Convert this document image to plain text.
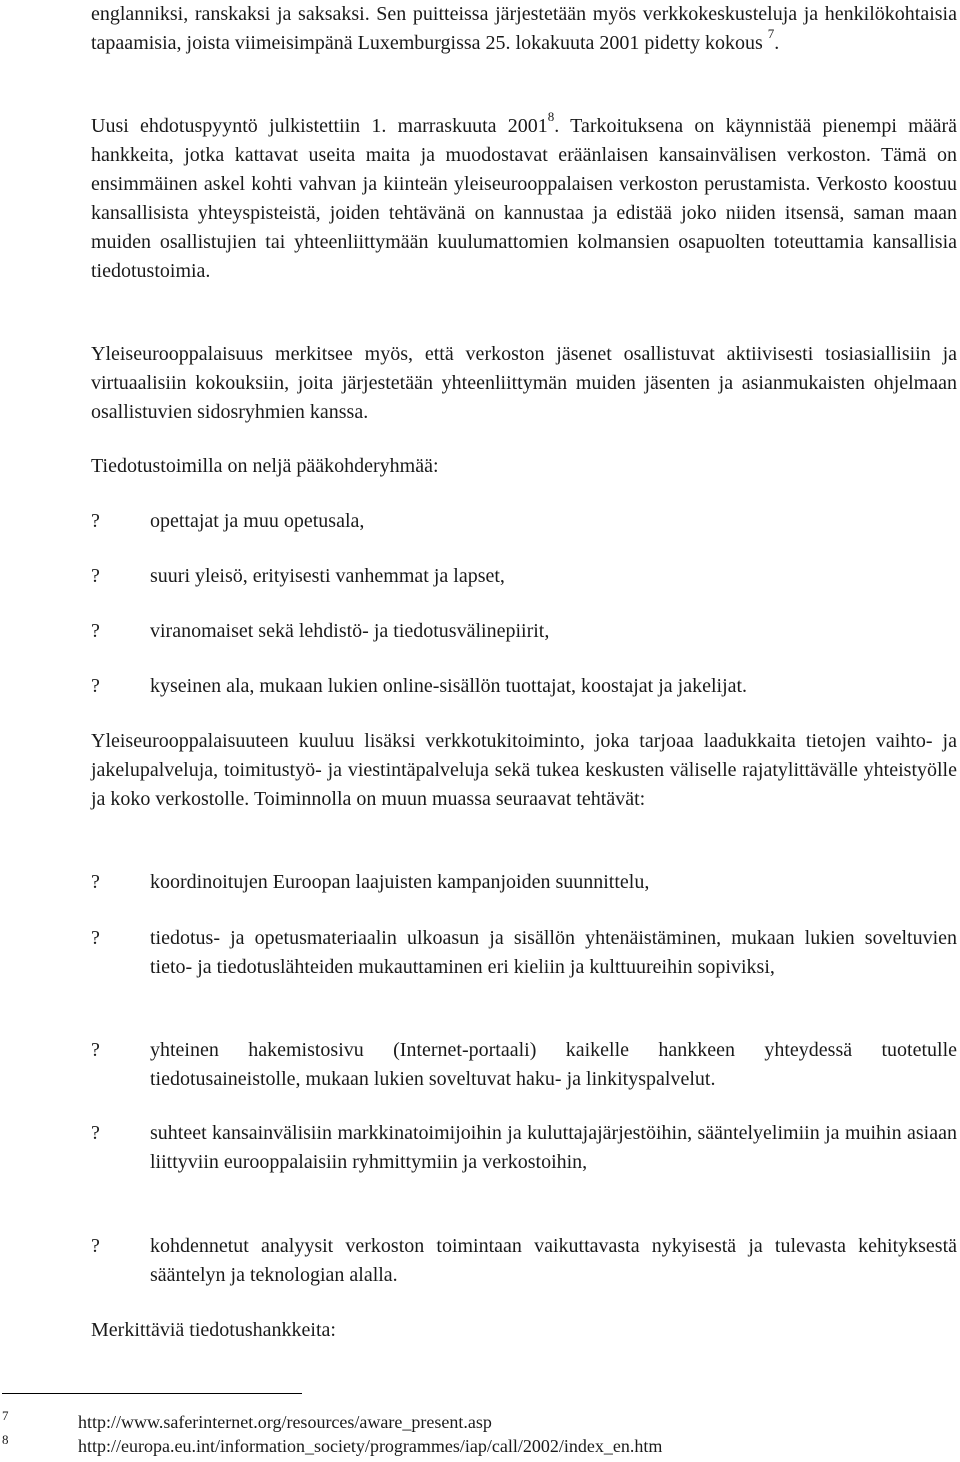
englanniksi, ranskaksi ja saksaksi. Sen puitteissa järjestetään myös verkkokeskusteluja ja henkilökohtaisia tapaamisia, joista viimeisimpänä Luxemburgissa 25. lokakuuta 2001 pidetty kokous $^7$.

Uusi ehdotuspyyntö julkistettiin 1. marraskuuta 2001$^8$. Tarkoituksena on käynnistää pienempi määrä hankkeita, jotka kattavat useita maita ja muodostavat eräänlaisen kansainvälisen verkoston. Tämä on ensimmäinen askel kohti vahvan ja kiinteän yleiseurooppalaisen verkoston perustamista. Verkosto koostuu kansallisista yhteyspisteistä, joiden tehtävänä on kannustaa ja edistää joko niiden itsensä, saman maan muiden osallistujien tai yhteenliittymään kuulumattomien kolmansien osapuolten toteuttamia kansallisia tiedotustoimia.

Yleiseurooppalaisuus merkitsee myös, että verkoston jäsenet osallistuvat aktiivisesti tosiasiallisiin ja virtuaalisiin kokouksiin, joita järjestetään yhteenliittymän muiden jäsenten ja asianmukaisten ohjelmaan osallistuvien sidosryhmien kanssa.

Tiedotustoimilla on neljä pääkohderyhmää:

?	opettajat ja muu opetusala,
?	suuri yleisö, erityisesti vanhemmat ja lapset,
?	viranomaiset sekä lehdistö- ja tiedotusvälinepiirit,
?	kyseinen ala, mukaan lukien online-sisällön tuottajat, koostajat ja jakelijat.

Yleiseurooppalaisuuteen kuuluu lisäksi verkkotukitoiminto, joka tarjoaa laadukkaita tietojen vaihto- ja jakelupalveluja, toimitustyö- ja viestintäpalveluja sekä tukea keskusten väliselle rajatylittävälle yhteistyölle ja koko verkostolle. Toiminnolla on muun muassa seuraavat tehtävät:

?	koordinoitujen Euroopan laajuisten kampanjoiden suunnittelu,
?	tiedotus- ja opetusmateriaalin ulkoasun ja sisällön yhtenäistäminen, mukaan lukien soveltuvien tieto- ja tiedotuslähteiden mukauttaminen eri kieliin ja kulttuureihin sopiviksi,
?	yhteinen hakemistosivu (Internet-portaali) kaikelle hankkeen yhteydessä tuotetulle tiedotusaineistolle, mukaan lukien soveltuvat haku- ja linkityspalvelut.
?	suhteet kansainvälisiin markkinatoimijoihin ja kuluttajajärjestöihin, sääntelyelimiin ja muihin asiaan liittyviin eurooppalaisiin ryhmittymiin ja verkostoihin,
?	kohdennetut analyysit verkoston toimintaan vaikuttavasta nykyisestä ja tulevasta kehityksestä sääntelyn ja teknologian alalla.

Merkittäviä tiedotushankkeita:

7	http://www.saferinternet.org/resources/aware_present.asp
8	http://europa.eu.int/information_society/programmes/iap/call/2002/index_en.htm
